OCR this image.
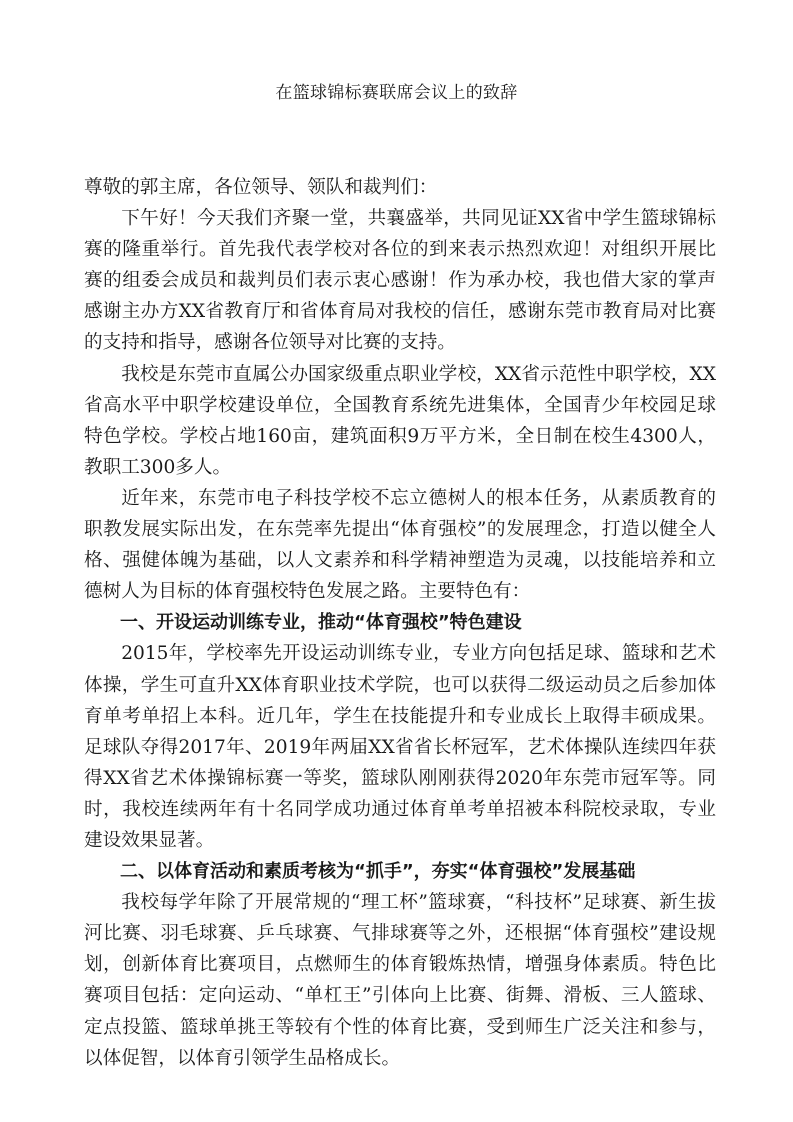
在篮球锦标赛联席会议上的致辞

尊敬的郭主席，各位领导、领队和裁判们：

下午好！今天我们齐聚一堂，共襄盛举，共同见证XX省中学生篮球锦标赛的隆重举行。首先我代表学校对各位的到来表示热烈欢迎！对组织开展比赛的组委会成员和裁判员们表示衷心感谢！作为承办校，我也借大家的掌声感谢主办方XX省教育厅和省体育局对我校的信任，感谢东莞市教育局对比赛的支持和指导，感谢各位领导对比赛的支持。

我校是东莞市直属公办国家级重点职业学校，XX省示范性中职学校，XX省高水平中职学校建设单位，全国教育系统先进集体，全国青少年校园足球特色学校。学校占地160亩，建筑面积9万平方米，全日制在校生4300人，教职工300多人。

近年来，东莞市电子科技学校不忘立德树人的根本任务，从素质教育的职教发展实际出发，在东莞率先提出“体育强校”的发展理念，打造以健全人格、强健体魄为基础，以人文素养和科学精神塑造为灵魂，以技能培养和立德树人为目标的体育强校特色发展之路。主要特色有：

一、开设运动训练专业，推动“体育强校”特色建设

2015年，学校率先开设运动训练专业，专业方向包括足球、篮球和艺术体操，学生可直升XX体育职业技术学院，也可以获得二级运动员之后参加体育单考单招上本科。近几年，学生在技能提升和专业成长上取得丰硕成果。足球队夺得2017年、2019年两届XX省省长杯冠军，艺术体操队连续四年获得XX省艺术体操锦标赛一等奖，篮球队刚刚获得2020年东莞市冠军等。同时，我校连续两年有十名同学成功通过体育单考单招被本科院校录取，专业建设效果显著。

二、以体育活动和素质考核为“抓手”，夯实“体育强校”发展基础

我校每学年除了开展常规的“理工杯”篮球赛，“科技杯”足球赛、新生拔河比赛、羽毛球赛、乒乓球赛、气排球赛等之外，还根据“体育强校”建设规划，创新体育比赛项目，点燃师生的体育锻炼热情，增强身体素质。特色比赛项目包括：定向运动、“单杠王”引体向上比赛、街舞、滑板、三人篮球、定点投篮、篮球单挑王等较有个性的体育比赛，受到师生广泛关注和参与，以体促智，以体育引领学生品格成长。
